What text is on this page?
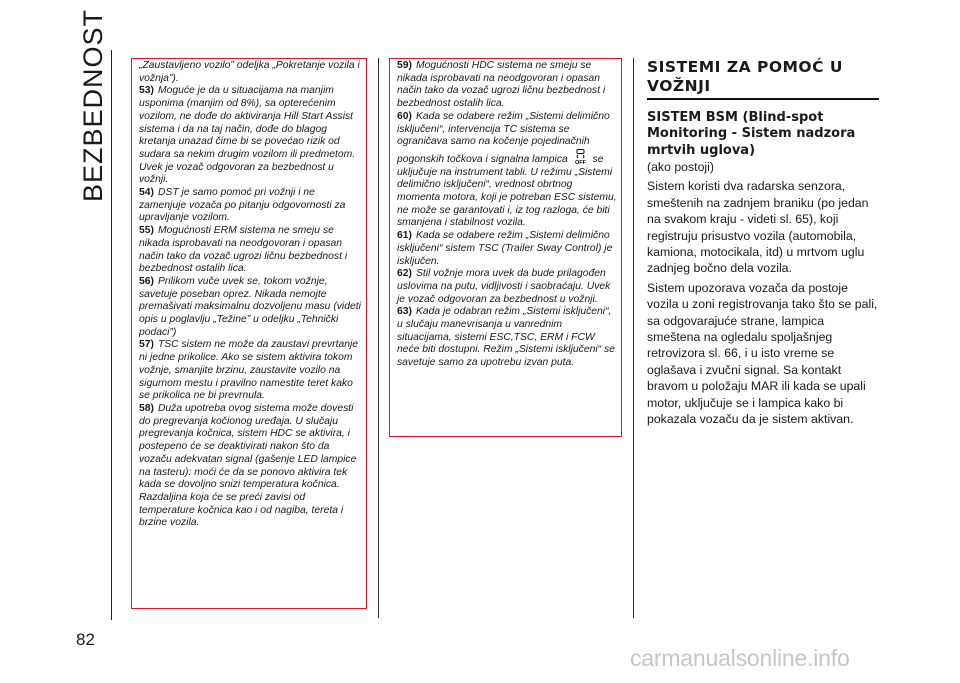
BEZBEDNOST
82

„Zaustavljeno vozilo” odeljka „Pokretanje vozila i vožnja”).

53) Moguće je da u situacijama na manjim usponima (manjim od 8%), sa opterećenim vozilom, ne dođe do aktiviranja Hill Start Assist sistema i da na taj način, dođe do blagog kretanja unazad čime bi se povećao rizik od sudara sa nekim drugim vozilom ili predmetom. Uvek je vozač odgovoran za bezbednost u vožnji.

54) DST je samo pomoć pri vožnji i ne zamenjuje vozača po pitanju odgovornosti za upravljanje vozilom.

55) Mogućnosti ERM sistema ne smeju se nikada isprobavati na neodgovoran i opasan način tako da vozač ugrozi ličnu bezbednost i bezbednost ostalih lica.

56) Prilikom vuče uvek se, tokom vožnje, savetuje poseban oprez. Nikada nemojte premašivati maksimalnu dozvoljenu masu (videti opis u poglavlju „Težine” u odeljku „Tehnički podaci”)

57) TSC sistem ne može da zaustavi prevrtanje ni jedne prikolice. Ako se sistem aktivira tokom vožnje, smanjite brzinu, zaustavite vozilo na sigurnom mestu i pravilno namestite teret kako se prikolica ne bi prevrnula.

58) Duža upotreba ovog sistema može dovesti do pregrevanja kočionog uređaja. U slučaju pregrevanja kočnica, sistem HDC se aktivira, i postepeno će se deaktivirati nakon što da vozaču adekvatan signal (gašenje LED lampice na tasteru): moći će da se ponovo aktivira tek kada se dovoljno snizi temperatura kočnica. Razdaljina koja će se preći zavisi od temperature kočnica kao i od nagiba, tereta i brzine vozila.

59) Mogućnosti HDC sistema ne smeju se nikada isprobavati na neodgovoran i opasan način tako da vozač ugrozi ličnu bezbednost i bezbednost ostalih lica.

60) Kada se odabere režim „Sistemi delimično isključeni“, intervencija TC sistema se ograničava samo na kočenje pojedinačnih pogonskih točkova i signalna lampica OFF se uključuje na instrument tabli. U režimu „Sistemi delimično isključeni“, vrednost obrtnog momenta motora, koji je potreban ESC sistemu, ne može se garantovati i, iz tog razloga, će biti smanjena i stabilnost vozila.

61) Kada se odabere režim „Sistemi delimično isključeni“ sistem TSC (Trailer Sway Control) je isključen.

62) Stil vožnje mora uvek da bude prilagođen uslovima na putu, vidljivosti i saobraćaju. Uvek je vozač odgovoran za bezbednost u vožnji.

63) Kada je odabran režim „Sistemi isključeni“, u slučaju manevrisanja u vanrednim situacijama, sistemi ESC,TSC, ERM i FCW neće biti dostupni. Režim „Sistemi isključeni“ se savetuje samo za upotrebu izvan puta.

SISTEMI ZA POMOĆ U VOŽNJI
SISTEM BSM (Blind-spot Monitoring - Sistem nadzora mrtvih uglova)

(ako postoji)

Sistem koristi dva radarska senzora, smeštenih na zadnjem braniku (po jedan na svakom kraju - videti sl. 65), koji registruju prisustvo vozila (automobila, kamiona, motocikala, itd) u mrtvom uglu zadnjeg bočno dela vozila.

Sistem upozorava vozača da postoje vozila u zoni registrovanja tako što se pali, sa odgovarajuće strane, lampica smeštena na ogledalu spoljašnjeg retrovizora sl. 66, i u isto vreme se oglašava i zvučni signal. Sa kontakt bravom u položaju MAR ili kada se upali motor, uključuje se i lampica kako bi pokazala vozaču da je sistem aktivan.

carmanualsonline.info
